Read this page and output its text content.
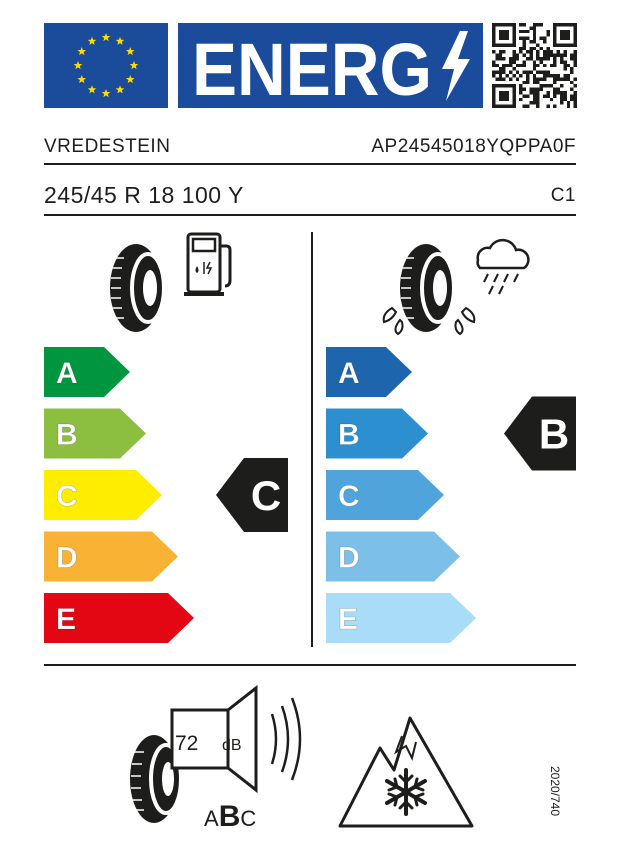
ENERG
VREDESTEIN	AP24545018YQPPA0F
245/45 R 18 100 Y	C1
A
B
C
D
E
A
B
C
D
E
C
B
72 dB
ABC
2020/740
